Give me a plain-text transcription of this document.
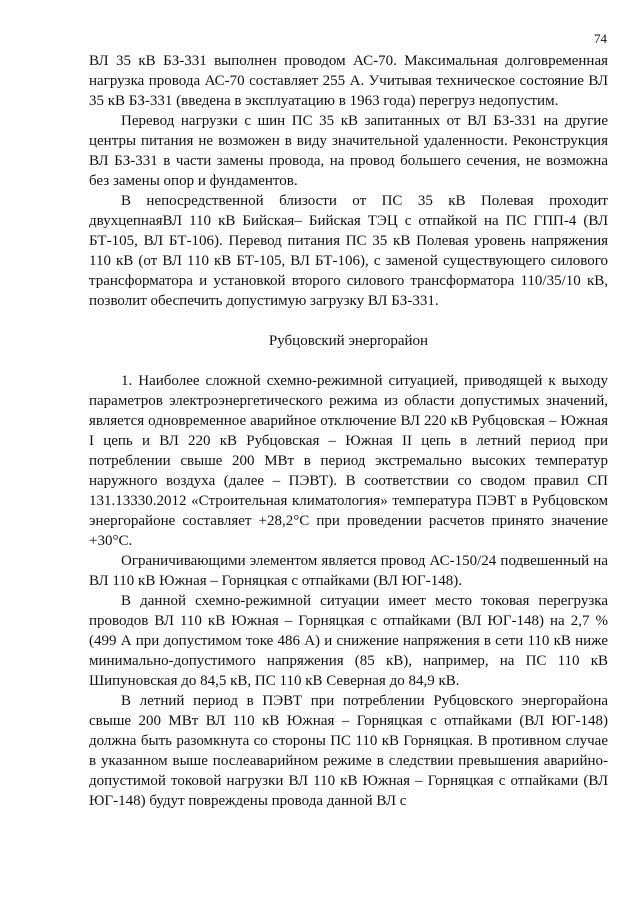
74

ВЛ 35 кВ БЗ-331 выполнен проводом АС-70. Максимальная долговременная нагрузка провода АС-70 составляет 255 А. Учитывая техническое состояние ВЛ 35 кВ БЗ-331 (введена в эксплуатацию в 1963 года) перегруз недопустим.

Перевод нагрузки с шин ПС 35 кВ запитанных от ВЛ БЗ-331 на другие центры питания не возможен в виду значительной удаленности. Реконструкция ВЛ БЗ-331 в части замены провода, на провод большего сечения, не возможна без замены опор и фундаментов.

В непосредственной близости от ПС 35 кВ Полевая проходит двухцепнаяВЛ 110 кВ Бийская– Бийская ТЭЦ с отпайкой на ПС ГПП-4 (ВЛ БТ-105, ВЛ БТ-106). Перевод питания ПС 35 кВ Полевая уровень напряжения 110 кВ (от ВЛ 110 кВ БТ-105, ВЛ БТ-106), с заменой существующего силового трансформатора и установкой второго силового трансформатора 110/35/10 кВ, позволит обеспечить допустимую загрузку ВЛ БЗ-331.

Рубцовский энергорайон

1. Наиболее сложной схемно-режимной ситуацией, приводящей к выходу параметров электроэнергетического режима из области допустимых значений, является одновременное аварийное отключение ВЛ 220 кВ Рубцовская – Южная I цепь и ВЛ 220 кВ Рубцовская – Южная II цепь в летний период при потреблении свыше 200 МВт в период экстремально высоких температур наружного воздуха (далее – ПЭВТ). В соответствии со сводом правил СП 131.13330.2012 «Строительная климатология» температура ПЭВТ в Рубцовском энергорайоне составляет +28,2°С при проведении расчетов принято значение +30°С.

Ограничивающими элементом является провод АС-150/24 подвешенный на ВЛ 110 кВ Южная – Горняцкая с отпайками (ВЛ ЮГ-148).

В данной схемно-режимной ситуации имеет место токовая перегрузка проводов ВЛ 110 кВ Южная – Горняцкая с отпайками (ВЛ ЮГ-148) на 2,7 % (499 А при допустимом токе 486 А) и снижение напряжения в сети 110 кВ ниже минимально-допустимого напряжения (85 кВ), например, на ПС 110 кВ Шипуновская до 84,5 кВ, ПС 110 кВ Северная до 84,9 кВ.

В летний период в ПЭВТ при потреблении Рубцовского энергорайона свыше 200 МВт ВЛ 110 кВ Южная – Горняцкая с отпайками (ВЛ ЮГ-148) должна быть разомкнута со стороны ПС 110 кВ Горняцкая. В противном случае в указанном выше послеаварийном режиме в следствии превышения аварийно-допустимой токовой нагрузки ВЛ 110 кВ Южная – Горняцкая с отпайками (ВЛ ЮГ-148) будут повреждены провода данной ВЛ с
